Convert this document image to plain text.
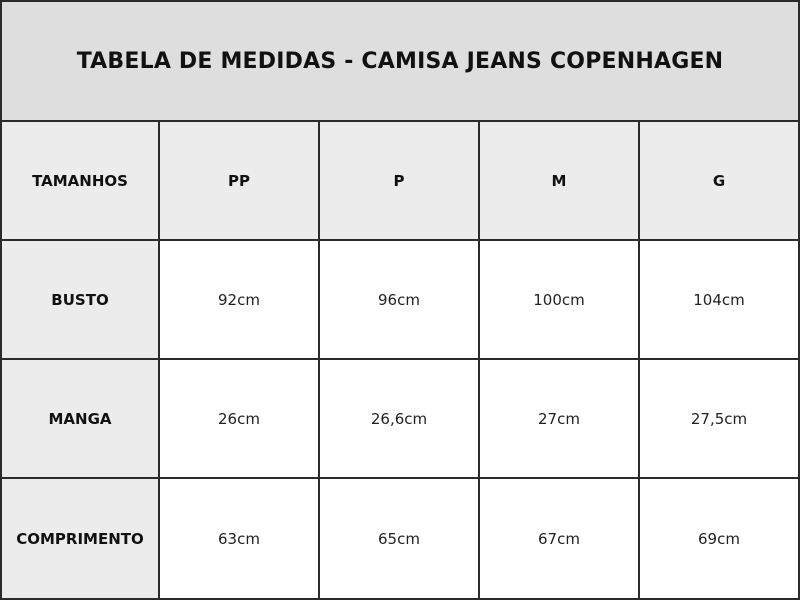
TABELA DE MEDIDAS - CAMISA JEANS COPENHAGEN
TAMANHOS	PP	P	M	G
BUSTO	92cm	96cm	100cm	104cm
MANGA	26cm	26,6cm	27cm	27,5cm
COMPRIMENTO	63cm	65cm	67cm	69cm
